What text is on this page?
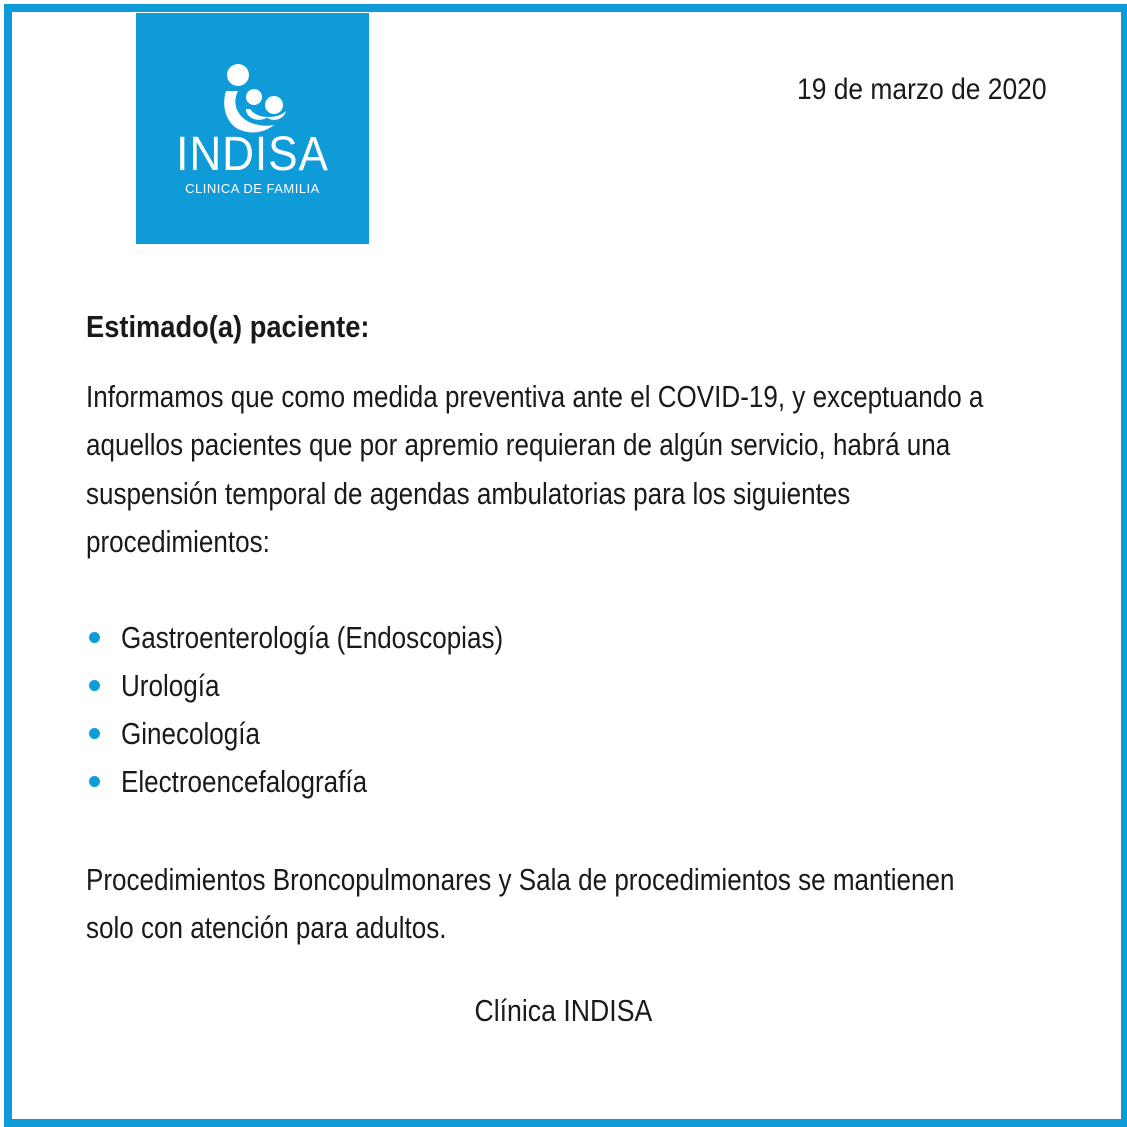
INDISA
CLINICA DE FAMILIA
19 de marzo de 2020
Estimado(a) paciente:
Informamos que como medida preventiva ante el COVID-19, y exceptuando a
aquellos pacientes que por apremio requieran de algún servicio, habrá una
suspensión temporal de agendas ambulatorias para los siguientes
procedimientos:
Gastroenterología (Endoscopias)
Urología
Ginecología
Electroencefalografía
Procedimientos Broncopulmonares y Sala de procedimientos se mantienen
solo con atención para adultos.
Clínica INDISA
